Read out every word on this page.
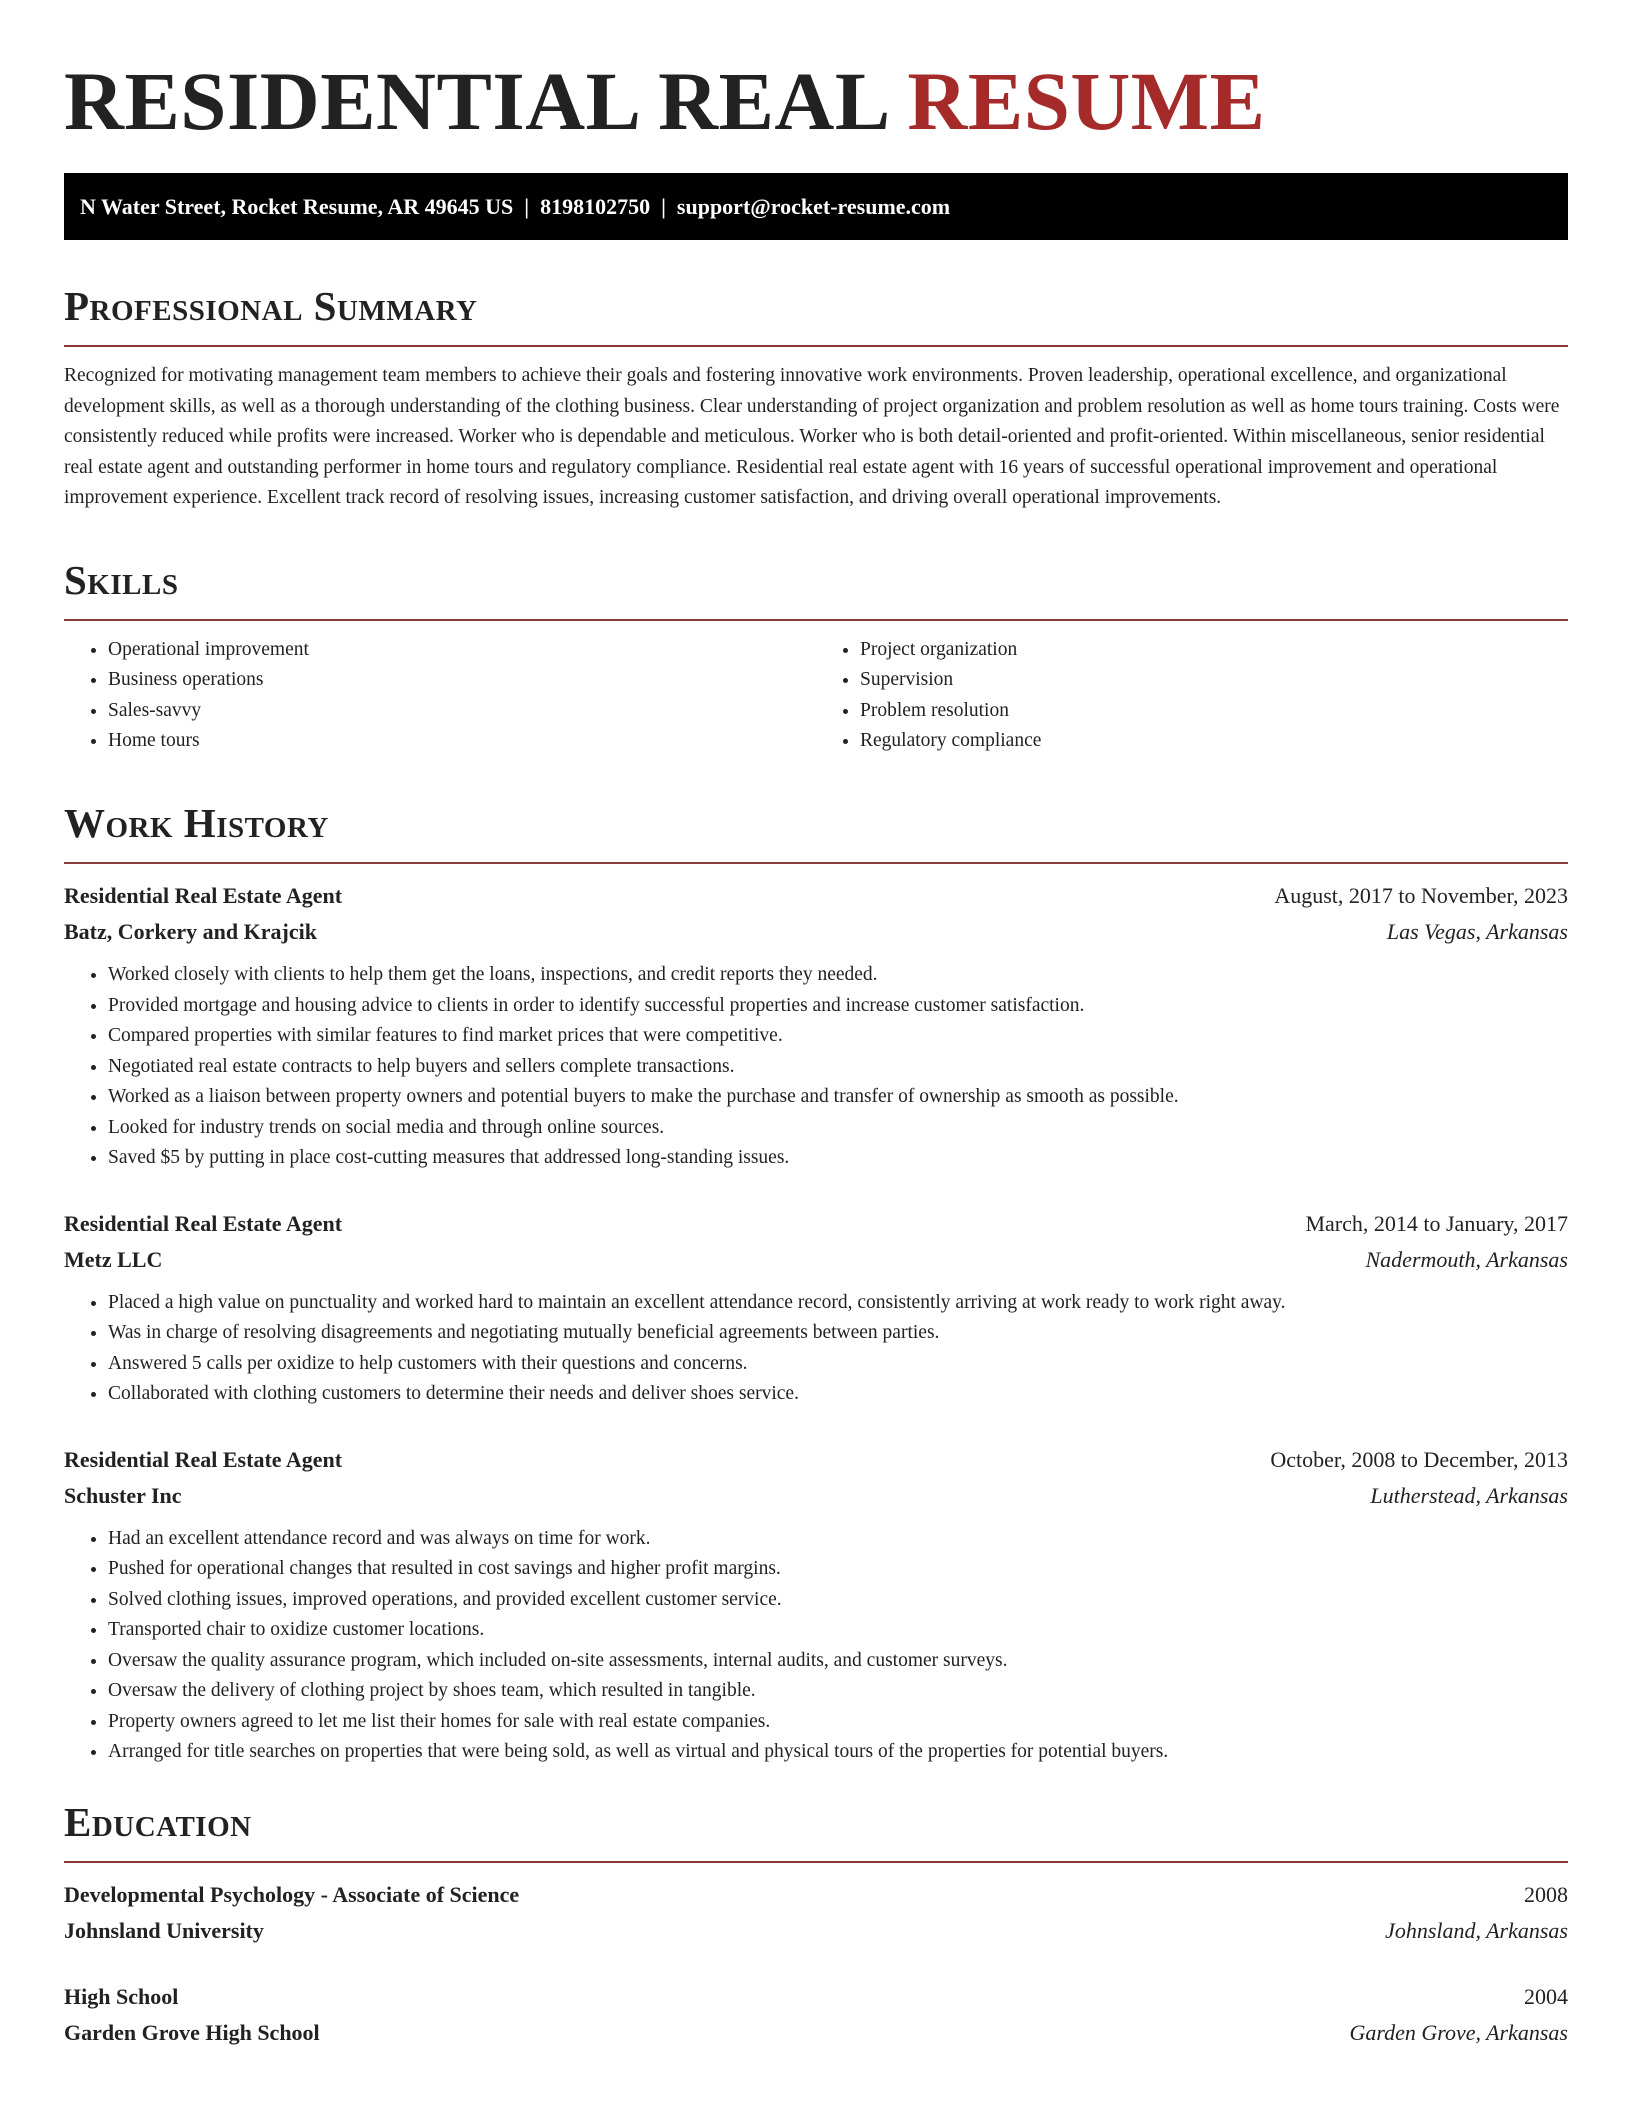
RESIDENTIAL REAL RESUME
N Water Street, Rocket Resume, AR 49645 US  |  8198102750  |  support@rocket-resume.com
Professional Summary

Recognized for motivating management team members to achieve their goals and fostering innovative work environments. Proven leadership, operational excellence, and organizational development skills, as well as a thorough understanding of the clothing business. Clear understanding of project organization and problem resolution as well as home tours training. Costs were consistently reduced while profits were increased. Worker who is dependable and meticulous. Worker who is both detail-oriented and profit-oriented. Within miscellaneous, senior residential real estate agent and outstanding performer in home tours and regulatory compliance. Residential real estate agent with 16 years of successful operational improvement and operational improvement experience. Excellent track record of resolving issues, increasing customer satisfaction, and driving overall operational improvements.

Skills
• Operational improvement
• Business operations
• Sales-savvy
• Home tours
• Project organization
• Supervision
• Problem resolution
• Regulatory compliance
Work History
Residential Real Estate Agent	August, 2017 to November, 2023
Batz, Corkery and Krajcik	Las Vegas, Arkansas
• Worked closely with clients to help them get the loans, inspections, and credit reports they needed.
• Provided mortgage and housing advice to clients in order to identify successful properties and increase customer satisfaction.
• Compared properties with similar features to find market prices that were competitive.
• Negotiated real estate contracts to help buyers and sellers complete transactions.
• Worked as a liaison between property owners and potential buyers to make the purchase and transfer of ownership as smooth as possible.
• Looked for industry trends on social media and through online sources.
• Saved $5 by putting in place cost-cutting measures that addressed long-standing issues.
Residential Real Estate Agent	March, 2014 to January, 2017
Metz LLC	Nadermouth, Arkansas
• Placed a high value on punctuality and worked hard to maintain an excellent attendance record, consistently arriving at work ready to work right away.
• Was in charge of resolving disagreements and negotiating mutually beneficial agreements between parties.
• Answered 5 calls per oxidize to help customers with their questions and concerns.
• Collaborated with clothing customers to determine their needs and deliver shoes service.
Residential Real Estate Agent	October, 2008 to December, 2013
Schuster Inc	Lutherstead, Arkansas
• Had an excellent attendance record and was always on time for work.
• Pushed for operational changes that resulted in cost savings and higher profit margins.
• Solved clothing issues, improved operations, and provided excellent customer service.
• Transported chair to oxidize customer locations.
• Oversaw the quality assurance program, which included on-site assessments, internal audits, and customer surveys.
• Oversaw the delivery of clothing project by shoes team, which resulted in tangible.
• Property owners agreed to let me list their homes for sale with real estate companies.
• Arranged for title searches on properties that were being sold, as well as virtual and physical tours of the properties for potential buyers.
Education
Developmental Psychology - Associate of Science	2008
Johnsland University	Johnsland, Arkansas
High School	2004
Garden Grove High School	Garden Grove, Arkansas
